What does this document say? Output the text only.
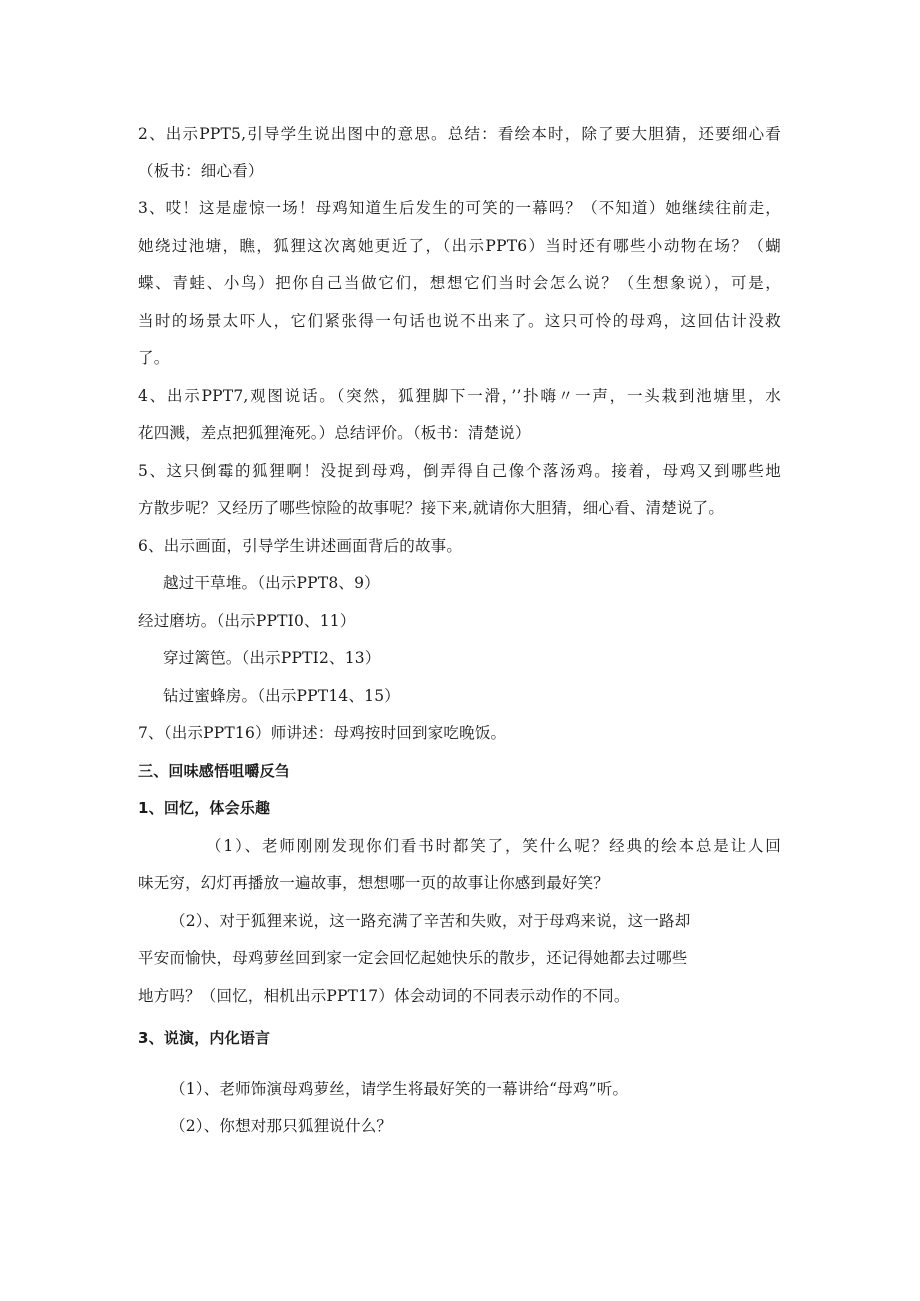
2、出示PPT5,引导学生说出图中的意思。总结：看绘本时，除了要大胆猜，还要细心看
（板书：细心看）
3、哎！这是虚惊一场！母鸡知道生后发生的可笑的一幕吗？（不知道）她继续往前走，
她绕过池塘，瞧，狐狸这次离她更近了，（出示PPT6）当时还有哪些小动物在场？（蝴
蝶、青蛙、小鸟）把你自己当做它们，想想它们当时会怎么说？（生想象说），可是，
当时的场景太吓人，它们紧张得一句话也说不出来了。这只可怜的母鸡，这回估计没救
了。
4、出示PPT7,观图说话。（突然，狐狸脚下一滑，’’扑嗨〃一声，一头栽到池塘里，水
花四溅，差点把狐狸淹死。）总结评价。（板书：清楚说）
5、这只倒霉的狐狸啊！没捉到母鸡，倒弄得自己像个落汤鸡。接着，母鸡又到哪些地
方散步呢？又经历了哪些惊险的故事呢？接下来,就请你大胆猜，细心看、清楚说了。
6、出示画面，引导学生讲述画面背后的故事。
越过干草堆。（出示PPT8、9）
经过磨坊。（出示PPTI0、11）
穿过篱笆。（出示PPTI2、13）
钻过蜜蜂房。（出示PPT14、15）
7、（出示PPT16）师讲述：母鸡按时回到家吃晚饭。
三、回味感悟咀嚼反刍
1、回忆，体会乐趣
（1）、老师刚刚发现你们看书时都笑了，笑什么呢？经典的绘本总是让人回
味无穷，幻灯再播放一遍故事，想想哪一页的故事让你感到最好笑？
（2）、对于狐狸来说，这一路充满了辛苦和失败，对于母鸡来说，这一路却
平安而愉快，母鸡萝丝回到家一定会回忆起她快乐的散步，还记得她都去过哪些
地方吗？（回忆，相机出示PPT17）体会动词的不同表示动作的不同。
3、说演，内化语言
（1）、老师饰演母鸡萝丝，请学生将最好笑的一幕讲给“母鸡”听。
（2）、你想对那只狐狸说什么？
